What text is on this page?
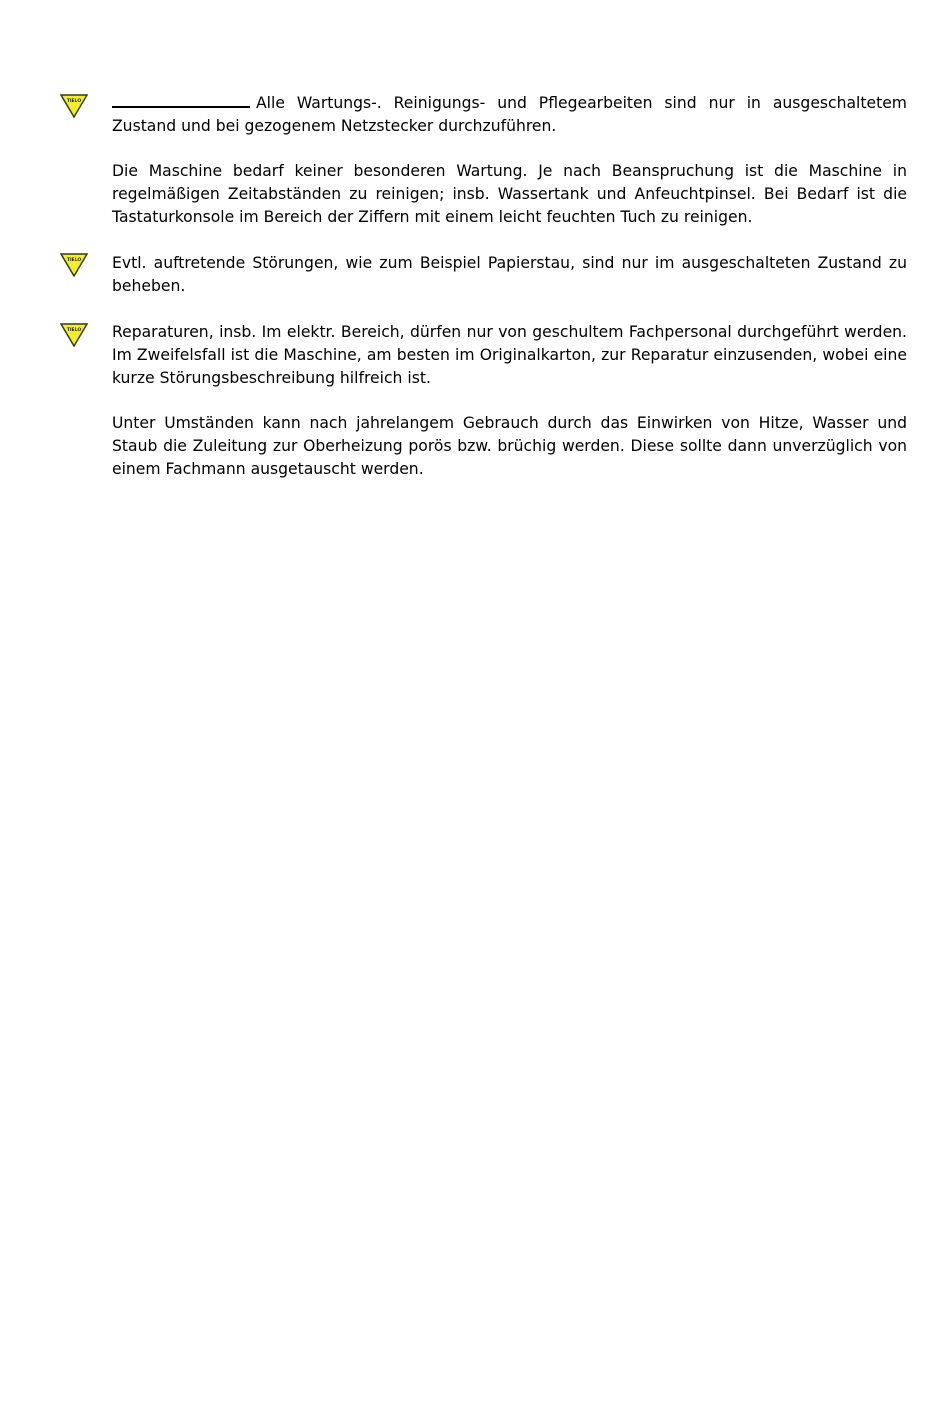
TIELO	Alle Wartungs-. Reinigungs- und Pflegearbeiten sind nur in ausgeschaltetem Zustand und bei gezogenem Netzstecker durchzuführen.
Die Maschine bedarf keiner besonderen Wartung. Je nach Beanspruchung ist die Maschine in regelmäßigen Zeitabständen zu reinigen; insb. Wassertank und Anfeuchtpinsel. Bei Bedarf ist die Tastaturkonsole im Bereich der Ziffern mit einem leicht feuchten Tuch zu reinigen.
TIELO Evtl. auftretende Störungen, wie zum Beispiel Papierstau, sind nur im ausgeschalteten Zustand zu beheben.
TIELO Reparaturen, insb. Im elektr. Bereich, dürfen nur von geschultem Fachpersonal durchgeführt werden. Im Zweifelsfall ist die Maschine, am besten im Originalkarton, zur Reparatur einzusenden, wobei eine kurze Störungsbeschreibung hilfreich ist.
Unter Umständen kann nach jahrelangem Gebrauch durch das Einwirken von Hitze, Wasser und Staub die Zuleitung zur Oberheizung porös bzw. brüchig werden. Diese sollte dann unverzüglich von einem Fachmann ausgetauscht werden.
